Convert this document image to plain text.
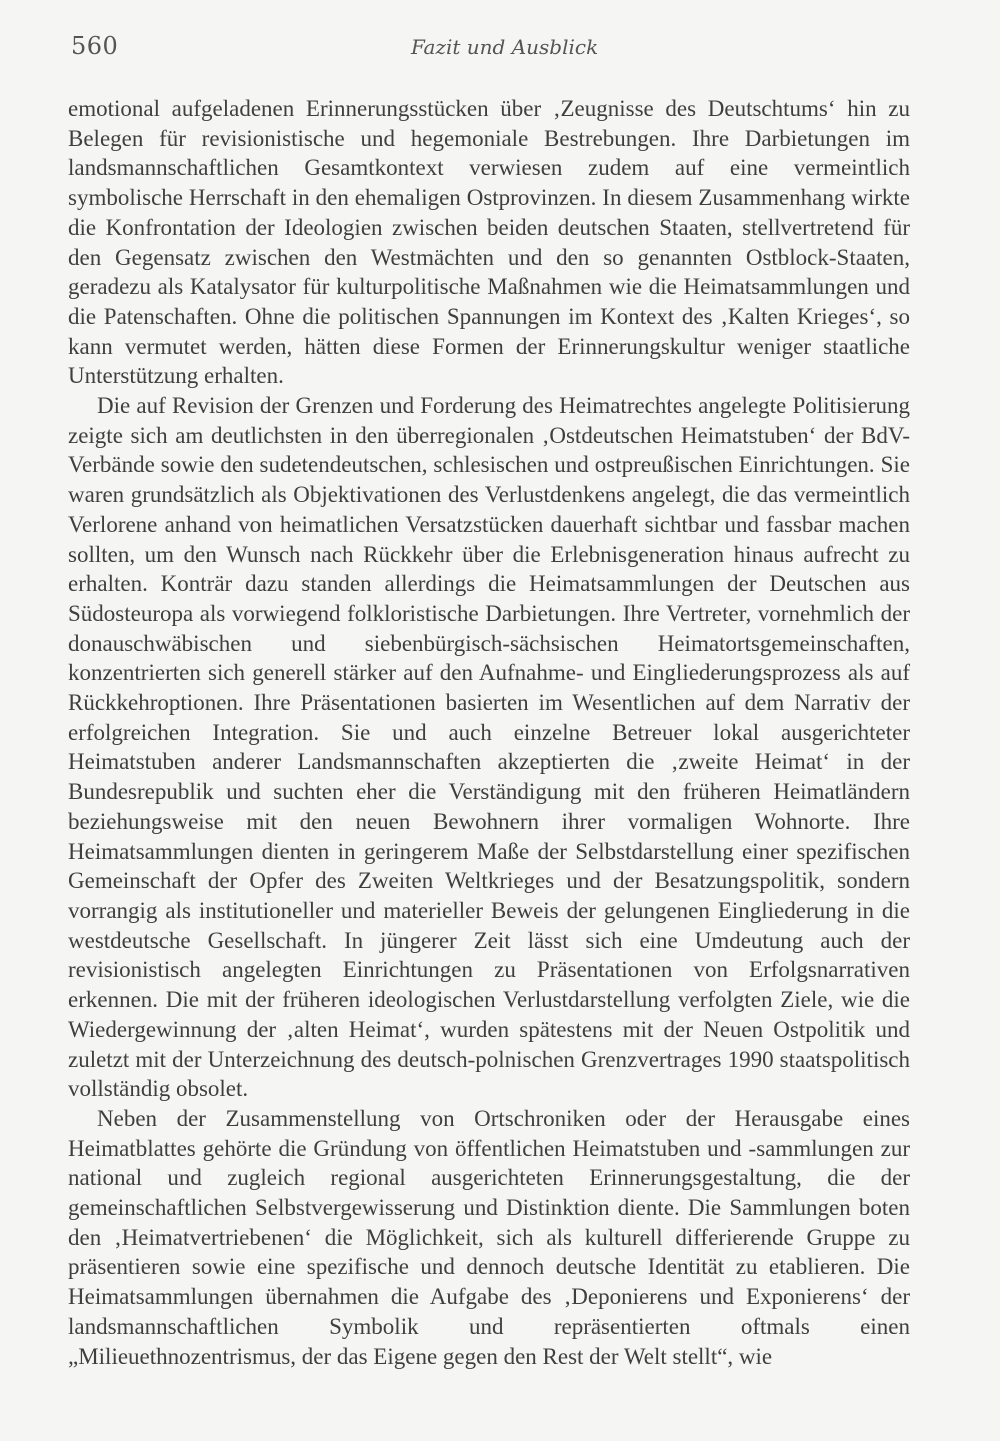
560	Fazit und Ausblick

emotional aufgeladenen Erinnerungsstücken über ‚Zeugnisse des Deutschtums‘ hin zu Belegen für revisionistische und hegemoniale Bestrebungen. Ihre Darbietungen im landsmannschaftlichen Gesamtkontext verwiesen zudem auf eine vermeintlich symbolische Herrschaft in den ehemaligen Ostprovinzen. In diesem Zusammenhang wirkte die Konfrontation der Ideologien zwischen beiden deutschen Staaten, stellvertretend für den Gegensatz zwischen den Westmächten und den so genannten Ostblock-Staaten, geradezu als Katalysator für kulturpolitische Maßnahmen wie die Heimatsammlungen und die Patenschaften. Ohne die politischen Spannungen im Kontext des ‚Kalten Krieges‘, so kann vermutet werden, hätten diese Formen der Erinnerungskultur weniger staatliche Unterstützung erhalten.

Die auf Revision der Grenzen und Forderung des Heimatrechtes angelegte Politisierung zeigte sich am deutlichsten in den überregionalen ‚Ostdeutschen Heimatstuben‘ der BdV-Verbände sowie den sudetendeutschen, schlesischen und ostpreußischen Einrichtungen. Sie waren grundsätzlich als Objektivationen des Verlustdenkens angelegt, die das vermeintlich Verlorene anhand von heimatlichen Versatzstücken dauerhaft sichtbar und fassbar machen sollten, um den Wunsch nach Rückkehr über die Erlebnisgeneration hinaus aufrecht zu erhalten. Konträr dazu standen allerdings die Heimatsammlungen der Deutschen aus Südosteuropa als vorwiegend folkloristische Darbietungen. Ihre Vertreter, vornehmlich der donauschwäbischen und siebenbürgisch-sächsischen Heimatortsgemeinschaften, konzentrierten sich generell stärker auf den Aufnahme- und Eingliederungsprozess als auf Rückkehroptionen. Ihre Präsentationen basierten im Wesentlichen auf dem Narrativ der erfolgreichen Integration. Sie und auch einzelne Betreuer lokal ausgerichteter Heimatstuben anderer Landsmannschaften akzeptierten die ‚zweite Heimat‘ in der Bundesrepublik und suchten eher die Verständigung mit den früheren Heimatländern beziehungsweise mit den neuen Bewohnern ihrer vormaligen Wohnorte. Ihre Heimatsammlungen dienten in geringerem Maße der Selbstdarstellung einer spezifischen Gemeinschaft der Opfer des Zweiten Weltkrieges und der Besatzungspolitik, sondern vorrangig als institutioneller und materieller Beweis der gelungenen Eingliederung in die westdeutsche Gesellschaft. In jüngerer Zeit lässt sich eine Umdeutung auch der revisionistisch angelegten Einrichtungen zu Präsentationen von Erfolgsnarrativen erkennen. Die mit der früheren ideologischen Verlustdarstellung verfolgten Ziele, wie die Wiedergewinnung der ‚alten Heimat‘, wurden spätestens mit der Neuen Ostpolitik und zuletzt mit der Unterzeichnung des deutsch-polnischen Grenzvertrages 1990 staatspolitisch vollständig obsolet.

Neben der Zusammenstellung von Ortschroniken oder der Herausgabe eines Heimatblattes gehörte die Gründung von öffentlichen Heimatstuben und -sammlungen zur national und zugleich regional ausgerichteten Erinnerungsgestaltung, die der gemeinschaftlichen Selbstvergewisserung und Distinktion diente. Die Sammlungen boten den ‚Heimatvertriebenen‘ die Möglichkeit, sich als kulturell differierende Gruppe zu präsentieren sowie eine spezifische und dennoch deutsche Identität zu etablieren. Die Heimatsammlungen übernahmen die Aufgabe des ‚Deponierens und Exponierens‘ der landsmannschaftlichen Symbolik und repräsentierten oftmals einen „Milieuethnozentrismus, der das Eigene gegen den Rest der Welt stellt“, wie
